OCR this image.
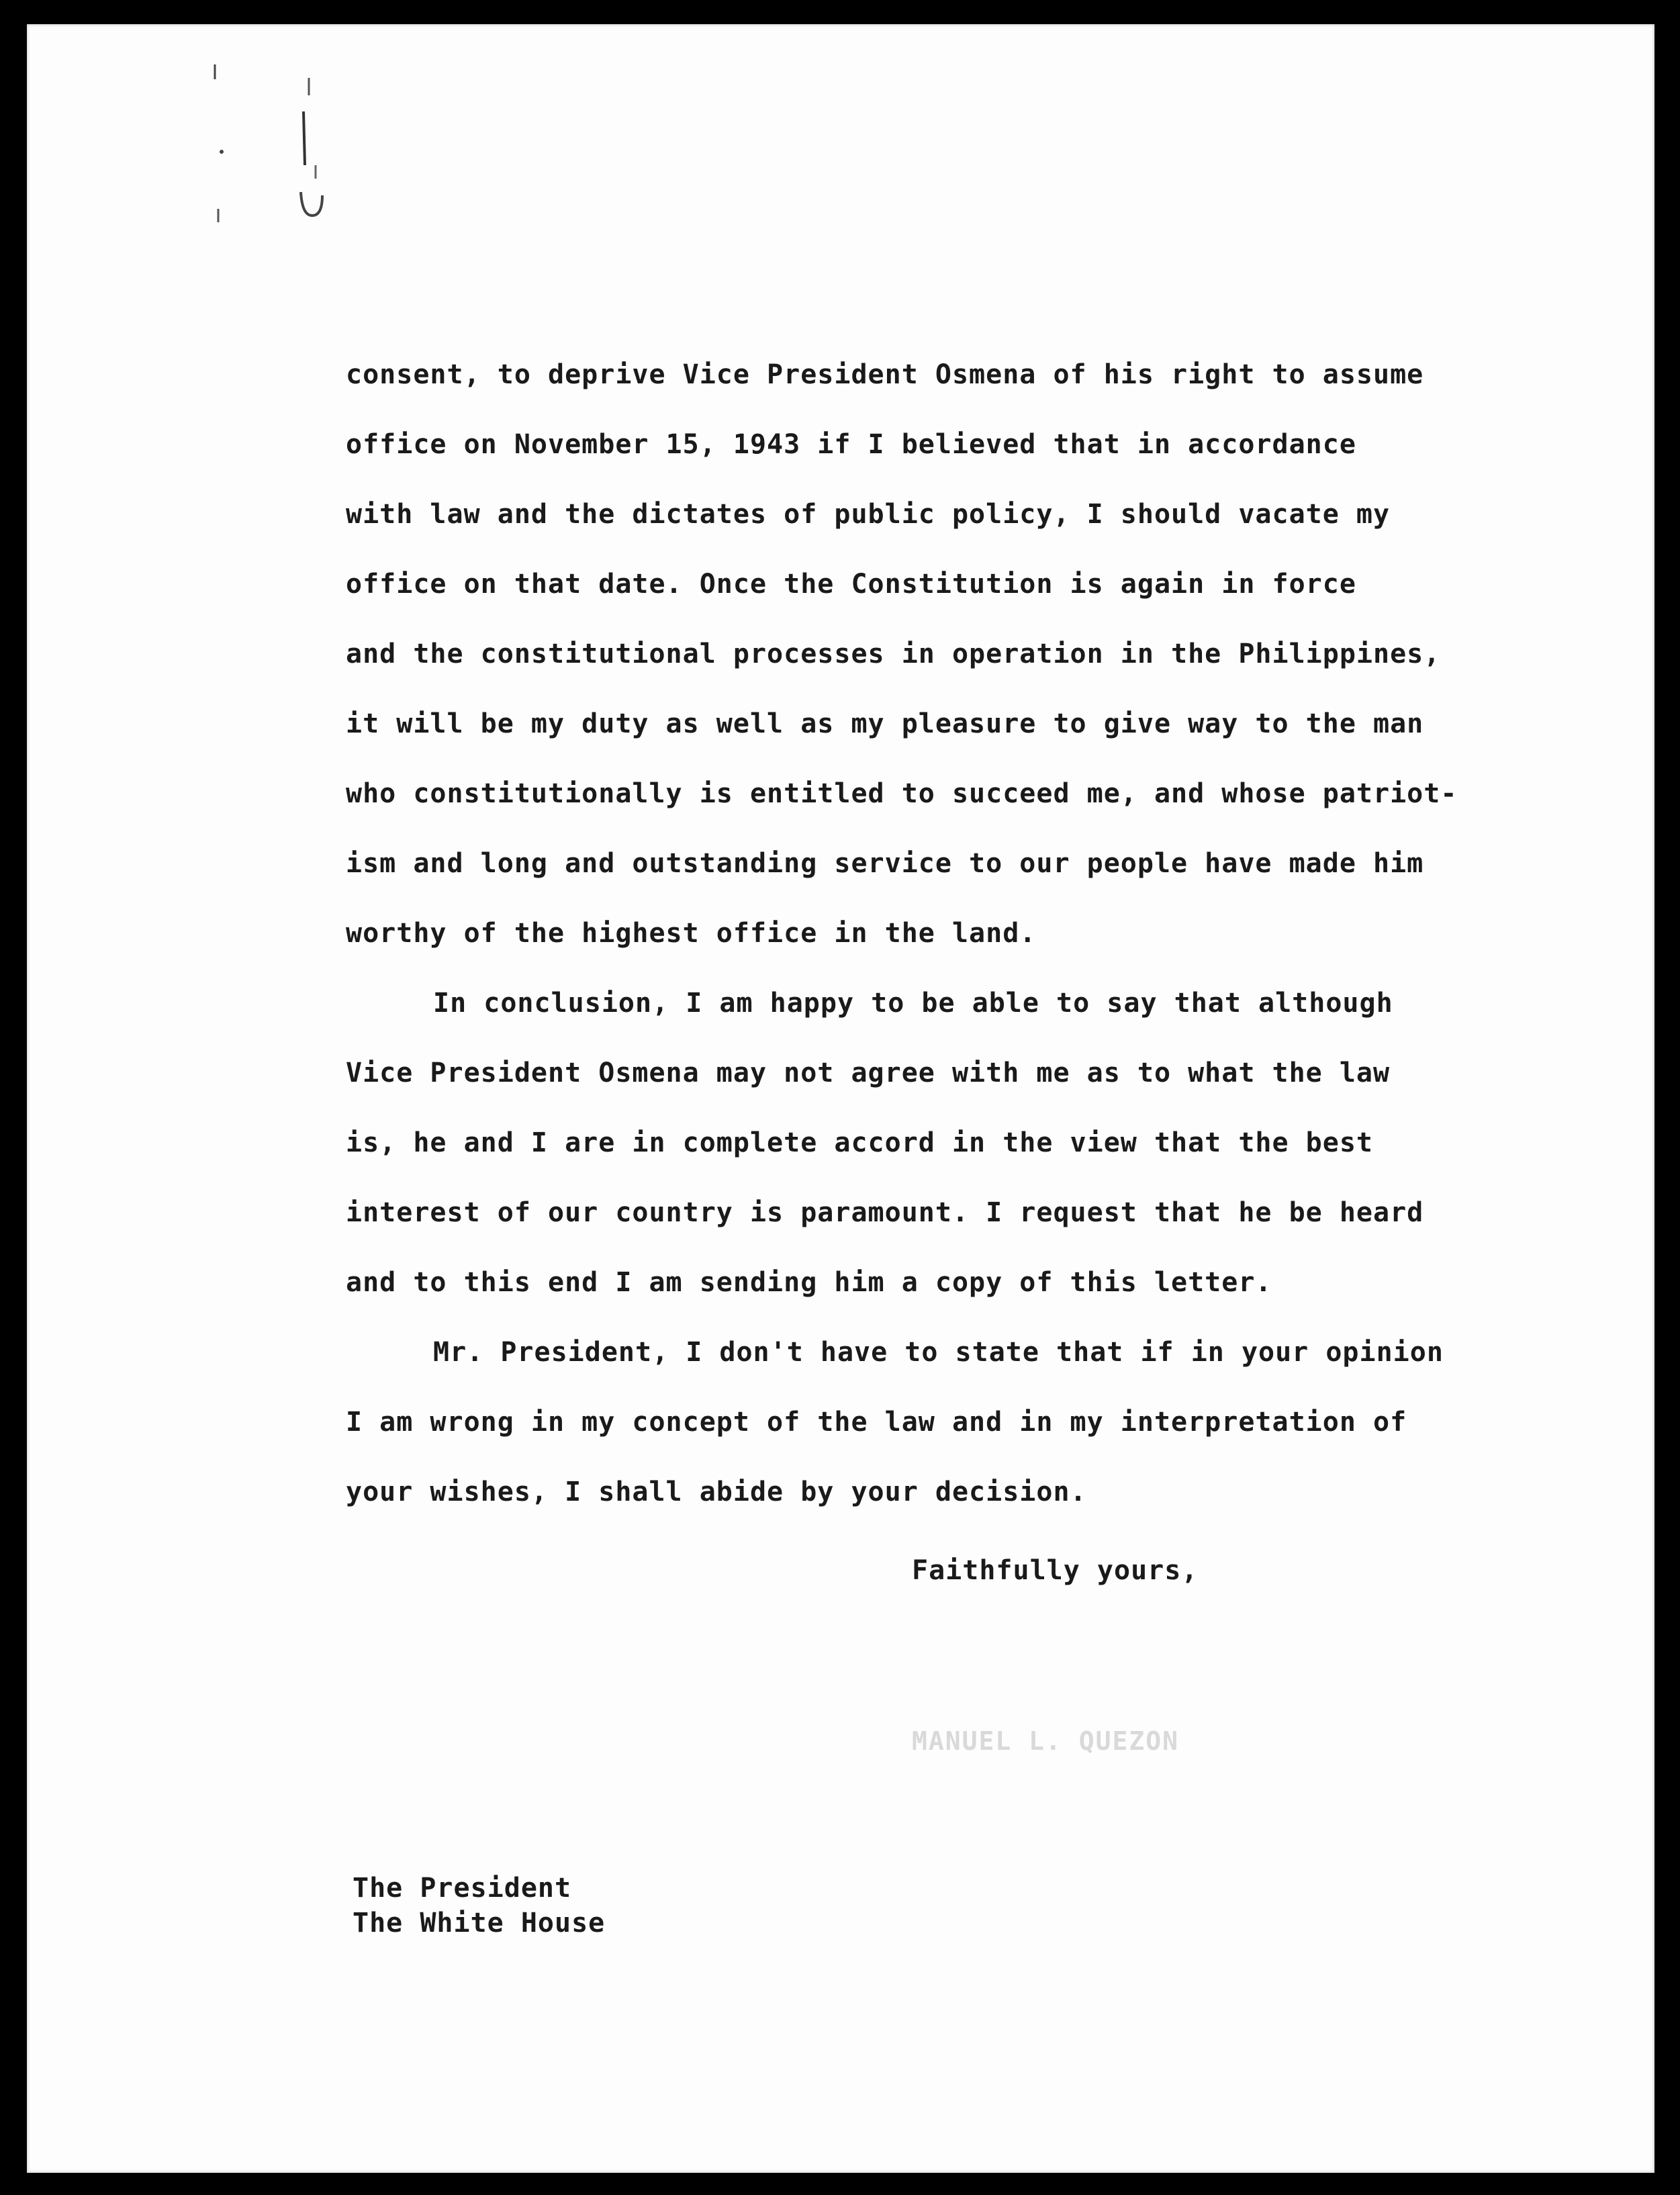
consent, to deprive Vice President Osmena of his right to assume
office on November 15, 1943 if I believed that in accordance
with law and the dictates of public policy, I should vacate my
office on that date. Once the Constitution is again in force
and the constitutional processes in operation in the Philippines,
it will be my duty as well as my pleasure to give way to the man
who constitutionally is entitled to succeed me, and whose patriot-
ism and long and outstanding service to our people have made him
worthy of the highest office in the land.
In conclusion, I am happy to be able to say that although
Vice President Osmena may not agree with me as to what the law
is, he and I are in complete accord in the view that the best
interest of our country is paramount. I request that he be heard
and to this end I am sending him a copy of this letter.
Mr. President, I don't have to state that if in your opinion
I am wrong in my concept of the law and in my interpretation of
your wishes, I shall abide by your decision.
Faithfully yours,
MANUEL L. QUEZON
The President
The White House
